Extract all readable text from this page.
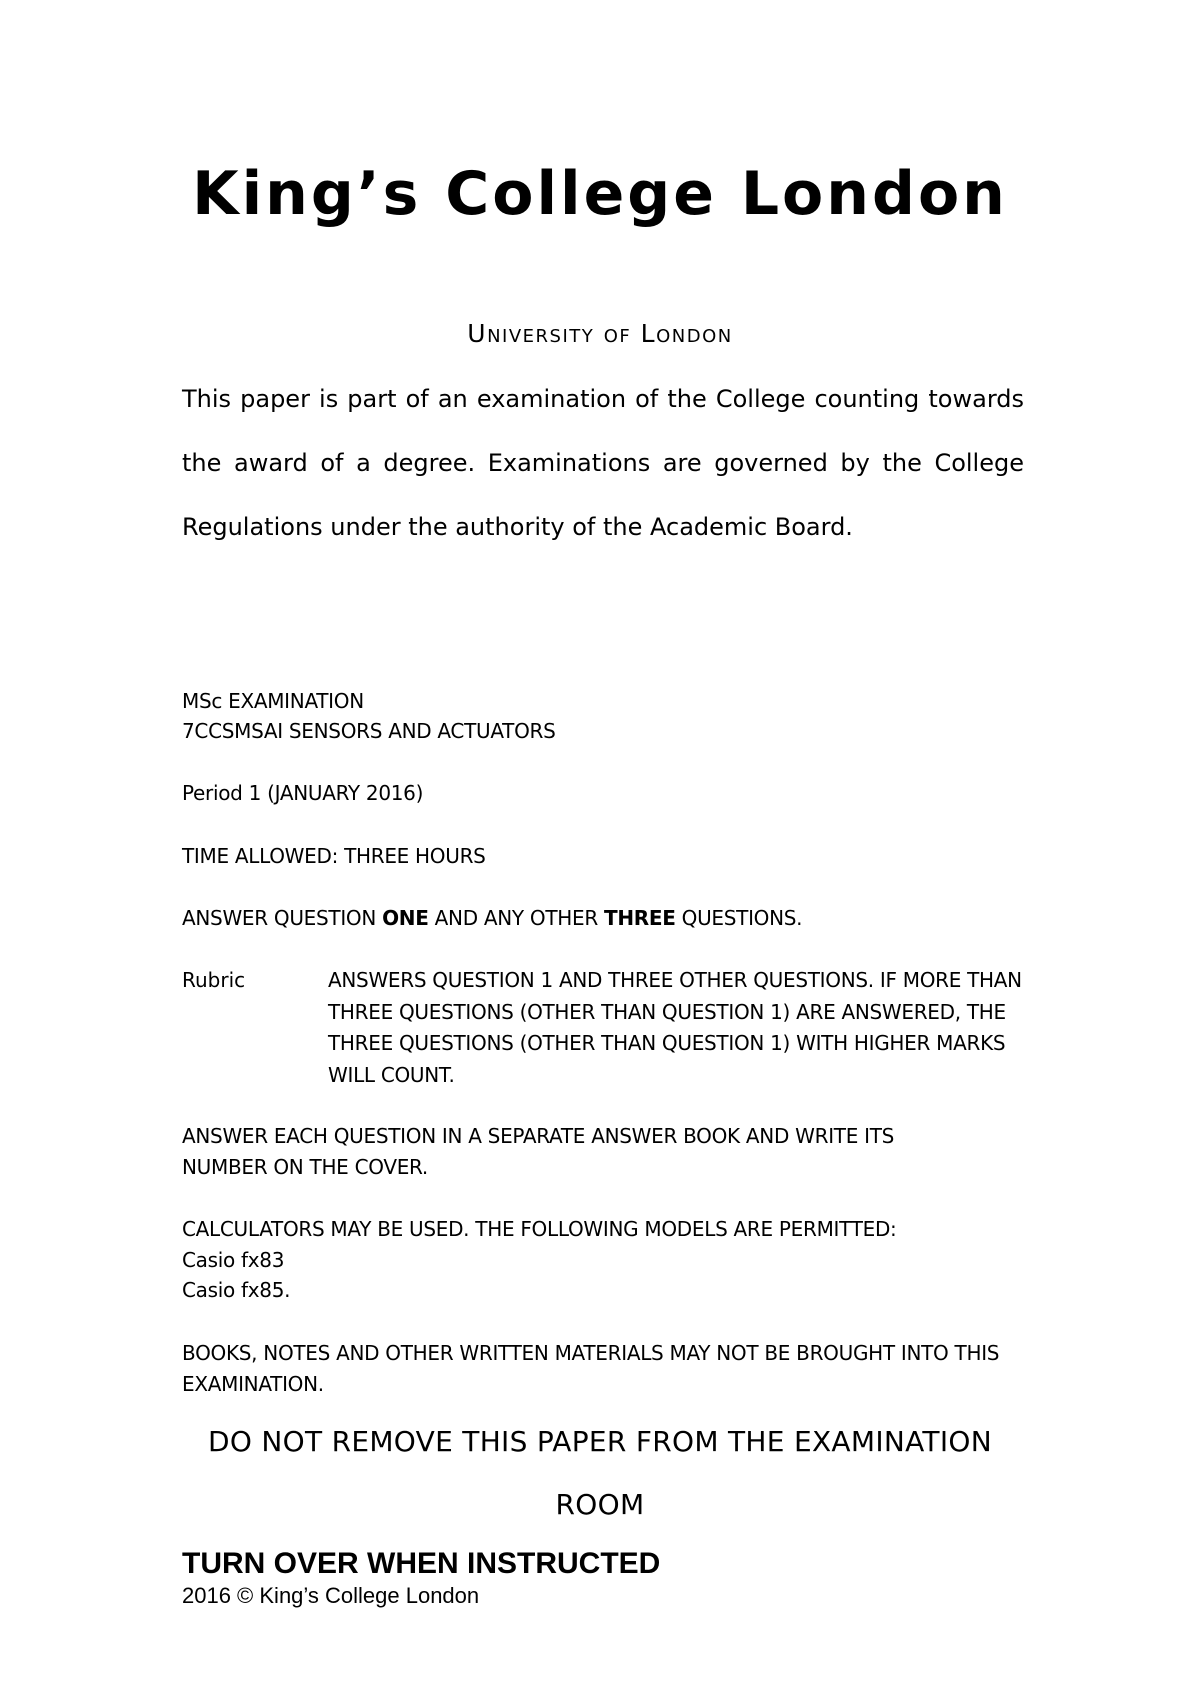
King’s College London
University of London
This paper is part of an examination of the College counting towards the award of a degree. Examinations are governed by the College Regulations under the authority of the Academic Board.
MSc EXAMINATION
7CCSMSAI SENSORS AND ACTUATORS
Period 1 (JANUARY 2016)
TIME ALLOWED: THREE HOURS
ANSWER QUESTION ONE AND ANY OTHER THREE QUESTIONS.
Rubric	ANSWERS QUESTION 1 AND THREE OTHER QUESTIONS. IF MORE THAN THREE QUESTIONS (OTHER THAN QUESTION 1) ARE ANSWERED, THE THREE QUESTIONS (OTHER THAN QUESTION 1) WITH HIGHER MARKS WILL COUNT.
ANSWER EACH QUESTION IN A SEPARATE ANSWER BOOK AND WRITE ITS NUMBER ON THE COVER.
CALCULATORS MAY BE USED. THE FOLLOWING MODELS ARE PERMITTED:
Casio fx83
Casio fx85.
BOOKS, NOTES AND OTHER WRITTEN MATERIALS MAY NOT BE BROUGHT INTO THIS EXAMINATION.
DO NOT REMOVE THIS PAPER FROM THE EXAMINATION
ROOM
TURN OVER WHEN INSTRUCTED
2016 © King’s College London
